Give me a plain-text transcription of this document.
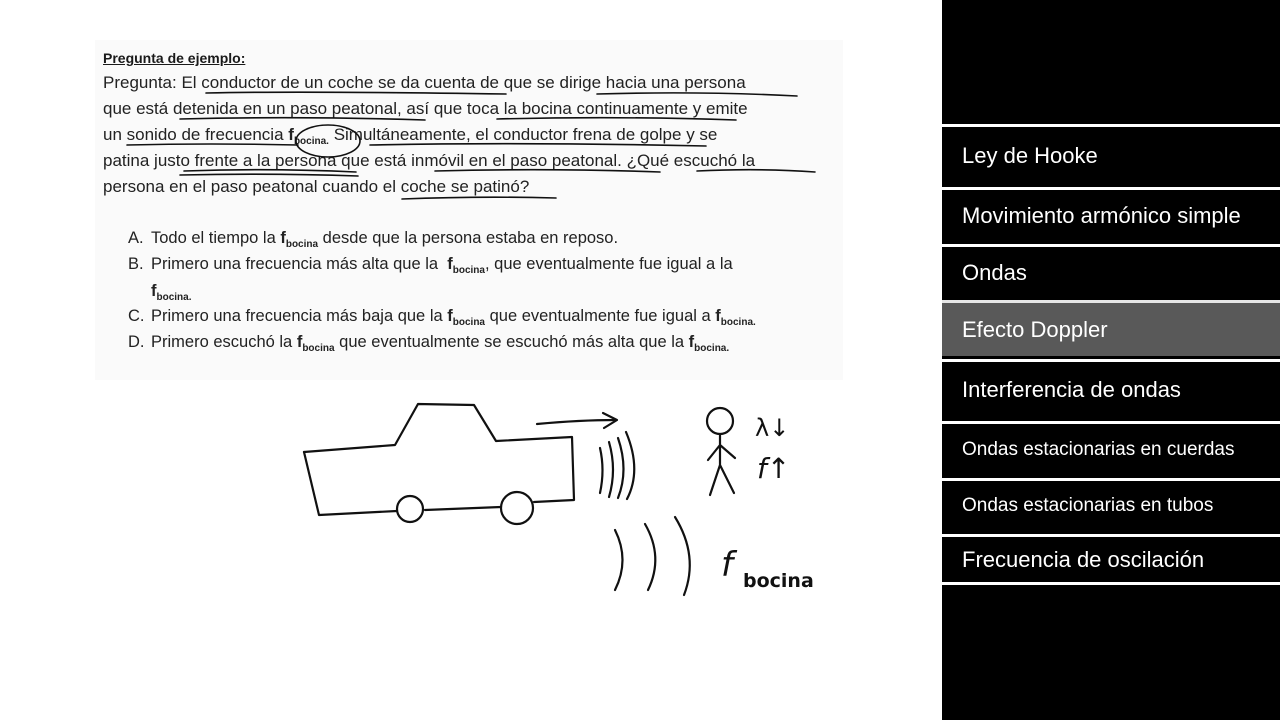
Pregunta de ejemplo:
Pregunta: El conductor de un coche se da cuenta de que se dirige hacia una persona
que está detenida en un paso peatonal, así que toca la bocina continuamente y emite
un sonido de frecuencia $f_{bocina.}$ Simultáneamente, el conductor frena de golpe y se
patina justo frente a la persona que está inmóvil en el paso peatonal. ¿Qué escuchó la
persona en el paso peatonal cuando el coche se patinó?
A. Todo el tiempo la $f_{bocina}$ desde que la persona estaba en reposo.
B. Primero una frecuencia más alta que la $f_{bocina}$, que eventualmente fue igual a la
$f_{bocina.}$
C. Primero una frecuencia más baja que la $f_{bocina}$ que eventualmente fue igual a $f_{bocina.}$
D. Primero escuchó la $f_{bocina}$ que eventualmente se escuchó más alta que la $f_{bocina.}$
λ↓
f↑
f bocina
Ley de Hooke
Movimiento armónico simple
Ondas
Efecto Doppler
Interferencia de ondas
Ondas estacionarias en cuerdas
Ondas estacionarias en tubos
Frecuencia de oscilación
